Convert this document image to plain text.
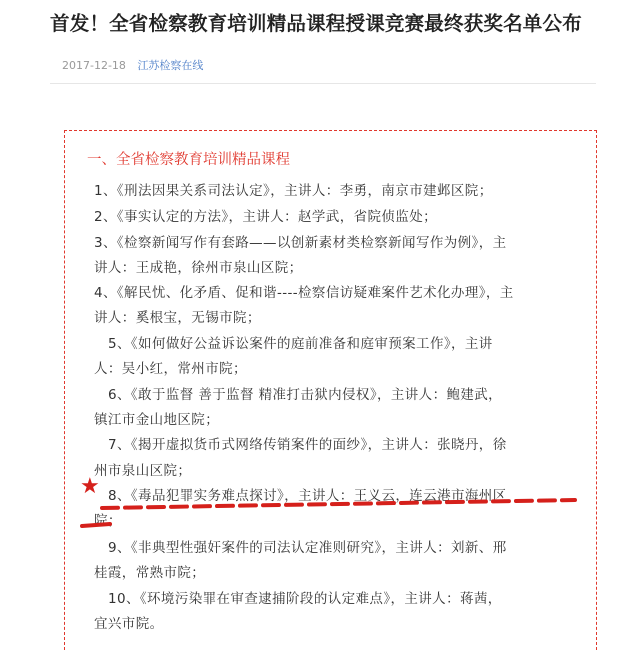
首发！全省检察教育培训精品课程授课竞赛最终获奖名单公布
2017-12-18 江苏检察在线
一、全省检察教育培训精品课程
1、《刑法因果关系司法认定》，主讲人：李勇，南京市建邺区院；
2、《事实认定的方法》，主讲人：赵学武，省院侦监处；
3、《检察新闻写作有套路——以创新素材类检察新闻写作为例》，主
讲人：王成艳，徐州市泉山区院；
4、《解民忧、化矛盾、促和谐----检察信访疑难案件艺术化办理》，主
讲人：奚根宝，无锡市院；
5、《如何做好公益诉讼案件的庭前准备和庭审预案工作》，主讲
人：吴小红，常州市院；
6、《敢于监督 善于监督 精准打击狱内侵权》，主讲人：鲍建武，
镇江市金山地区院；
7、《揭开虚拟货币式网络传销案件的面纱》，主讲人：张晓丹，徐
州市泉山区院；
8、《毒品犯罪实务难点探讨》，主讲人：王义云，连云港市海州区
院；
9、《非典型性强奸案件的司法认定准则研究》，主讲人：刘新、邢
桂霞，常熟市院；
10、《环境污染罪在审查逮捕阶段的认定难点》，主讲人：蒋茜，
宜兴市院。
★
